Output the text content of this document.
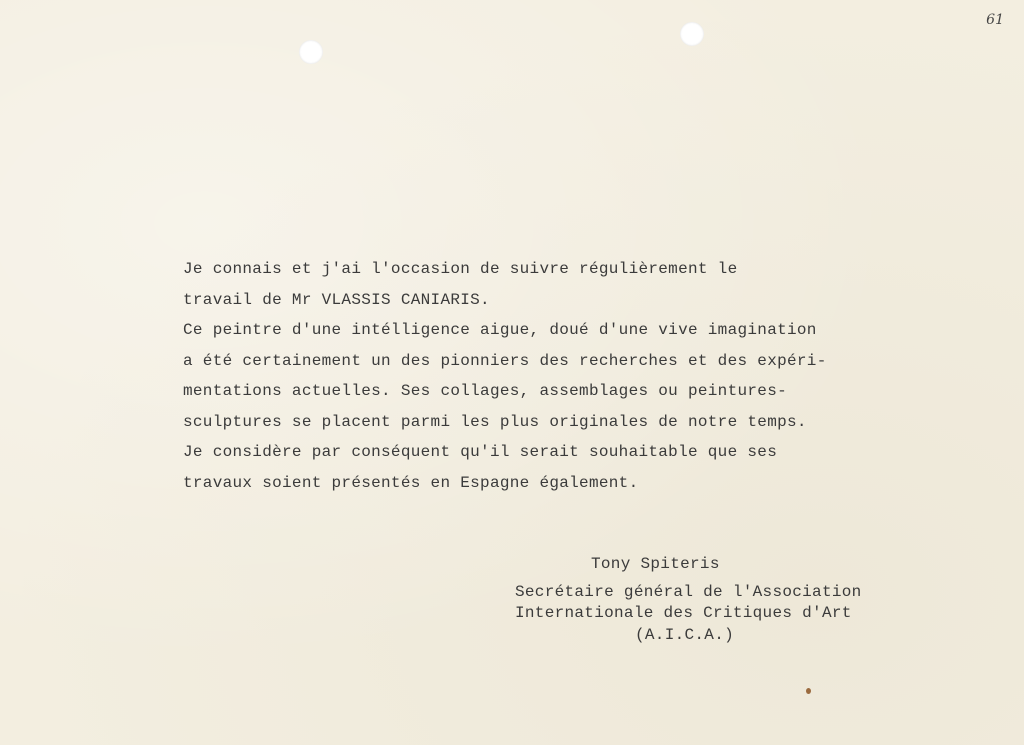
61
Je connais et j'ai l'occasion de suivre régulièrement le
travail de Mr VLASSIS CANIARIS.
Ce peintre d'une intélligence aigue, doué d'une vive imagination
a été certainement un des pionniers des recherches et des expéri-
mentations actuelles. Ses collages, assemblages ou peintures-
sculptures se placent parmi les plus originales de notre temps.
Je considère par conséquent qu'il serait souhaitable que ses
travaux soient présentés en Espagne également.
Tony Spiteris
Secrétaire général de l'Association
Internationale des Critiques d'Art
(A.I.C.A.)
